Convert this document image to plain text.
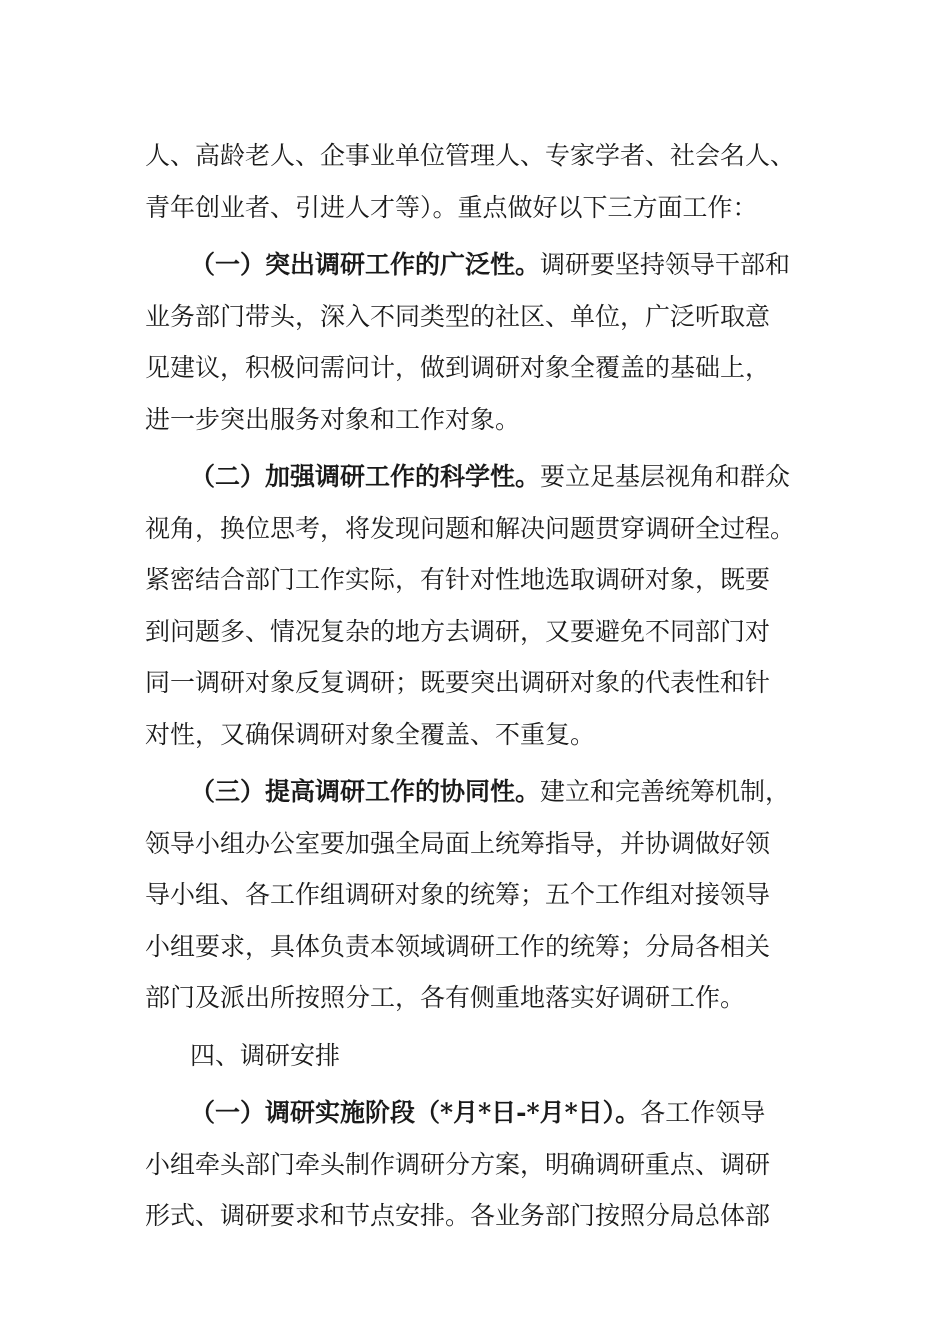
人、高龄老人、企事业单位管理人、专家学者、社会名人、
青年创业者、引进人才等）。重点做好以下三方面工作：
（一）突出调研工作的广泛性。调研要坚持领导干部和
业务部门带头，深入不同类型的社区、单位，广泛听取意
见建议，积极问需问计，做到调研对象全覆盖的基础上，
进一步突出服务对象和工作对象。
（二）加强调研工作的科学性。要立足基层视角和群众
视角，换位思考，将发现问题和解决问题贯穿调研全过程。
紧密结合部门工作实际，有针对性地选取调研对象，既要
到问题多、情况复杂的地方去调研，又要避免不同部门对
同一调研对象反复调研；既要突出调研对象的代表性和针
对性，又确保调研对象全覆盖、不重复。
（三）提高调研工作的协同性。建立和完善统筹机制，
领导小组办公室要加强全局面上统筹指导，并协调做好领
导小组、各工作组调研对象的统筹；五个工作组对接领导
小组要求，具体负责本领域调研工作的统筹；分局各相关
部门及派出所按照分工，各有侧重地落实好调研工作。
四、调研安排
（一）调研实施阶段（*月*日-*月*日）。各工作领导
小组牵头部门牵头制作调研分方案，明确调研重点、调研
形式、调研要求和节点安排。各业务部门按照分局总体部
